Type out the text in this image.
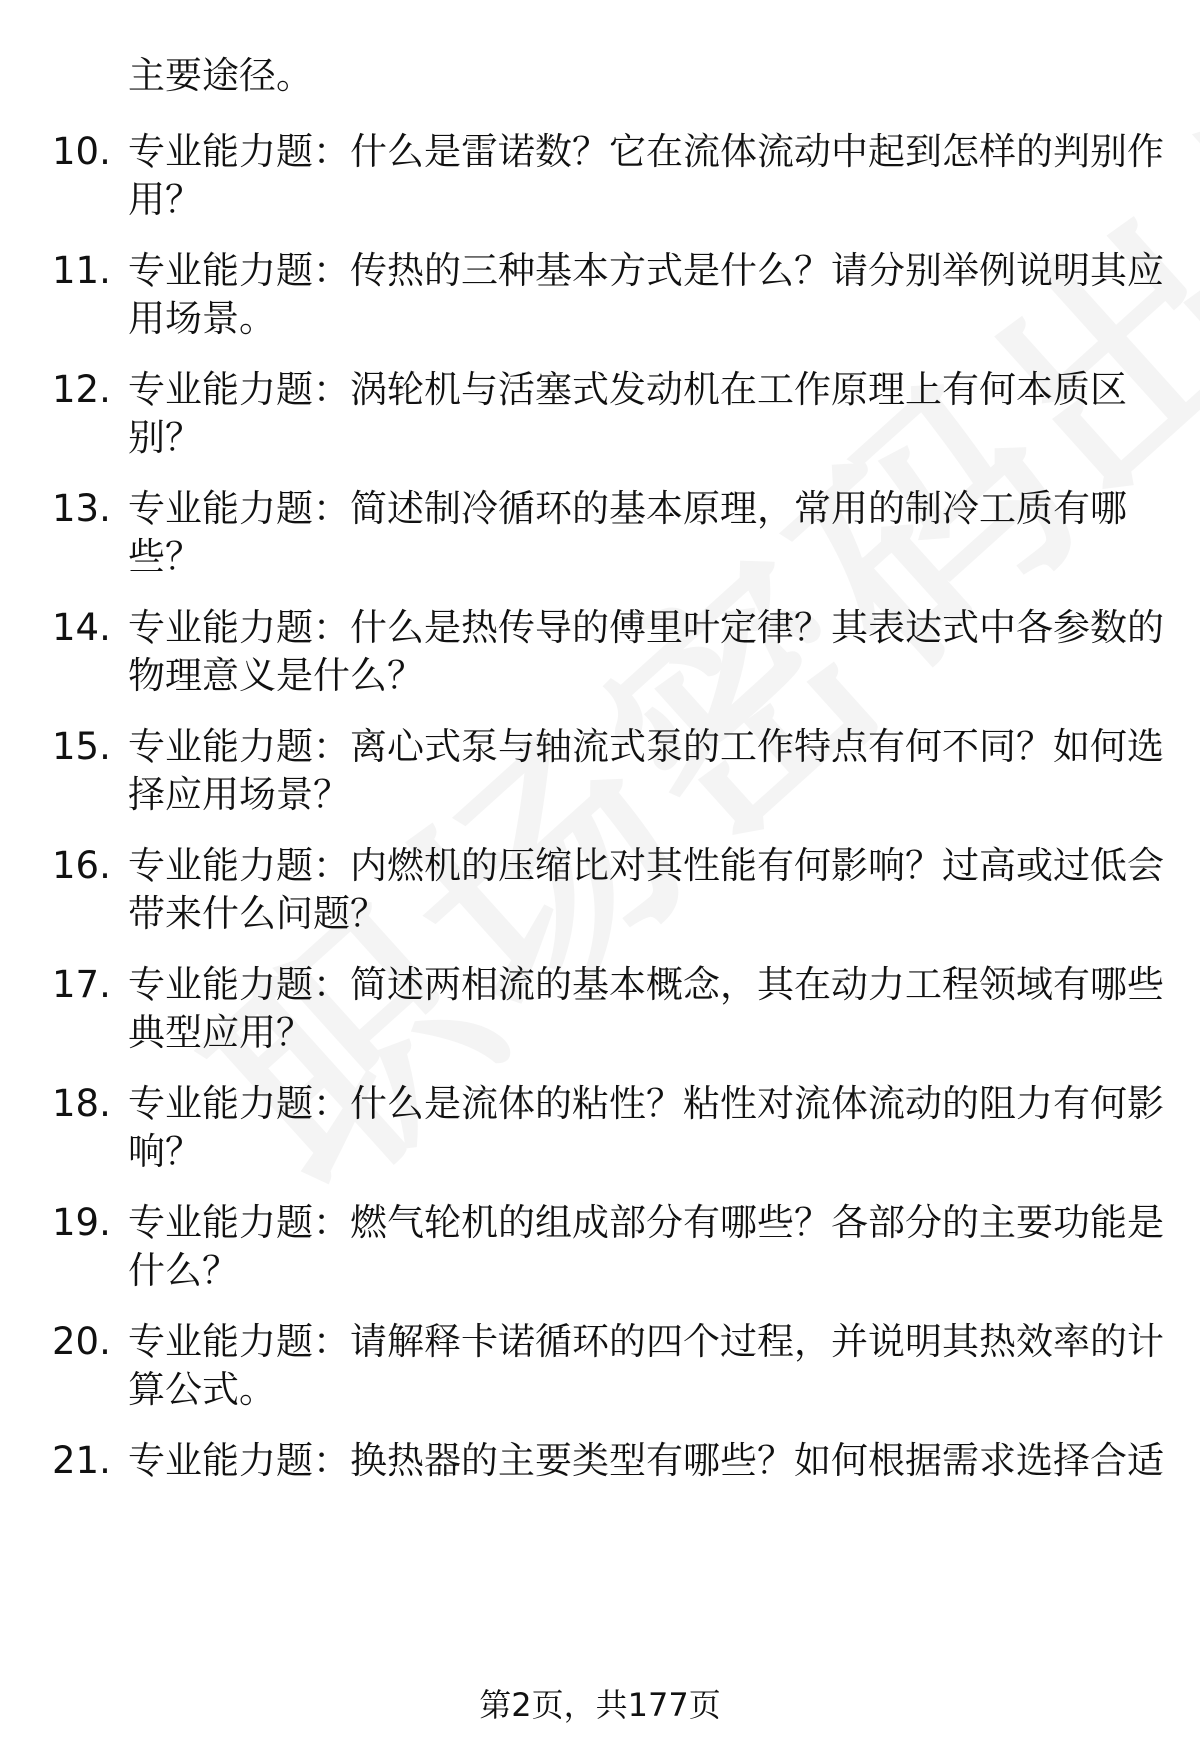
主要途径。
10. 专业能力题：什么是雷诺数？它在流体流动中起到怎样的判别作
用？
11. 专业能力题：传热的三种基本方式是什么？请分别举例说明其应
用场景。
12. 专业能力题：涡轮机与活塞式发动机在工作原理上有何本质区
别？
13. 专业能力题：简述制冷循环的基本原理，常用的制冷工质有哪
些？
14. 专业能力题：什么是热传导的傅里叶定律？其表达式中各参数的
物理意义是什么？
15. 专业能力题：离心式泵与轴流式泵的工作特点有何不同？如何选
择应用场景？
16. 专业能力题：内燃机的压缩比对其性能有何影响？过高或过低会
带来什么问题？
17. 专业能力题：简述两相流的基本概念，其在动力工程领域有哪些
典型应用？
18. 专业能力题：什么是流体的粘性？粘性对流体流动的阻力有何影
响？
19. 专业能力题：燃气轮机的组成部分有哪些？各部分的主要功能是
什么？
20. 专业能力题：请解释卡诺循环的四个过程，并说明其热效率的计
算公式。
21. 专业能力题：换热器的主要类型有哪些？如何根据需求选择合适
第2页，共177页
